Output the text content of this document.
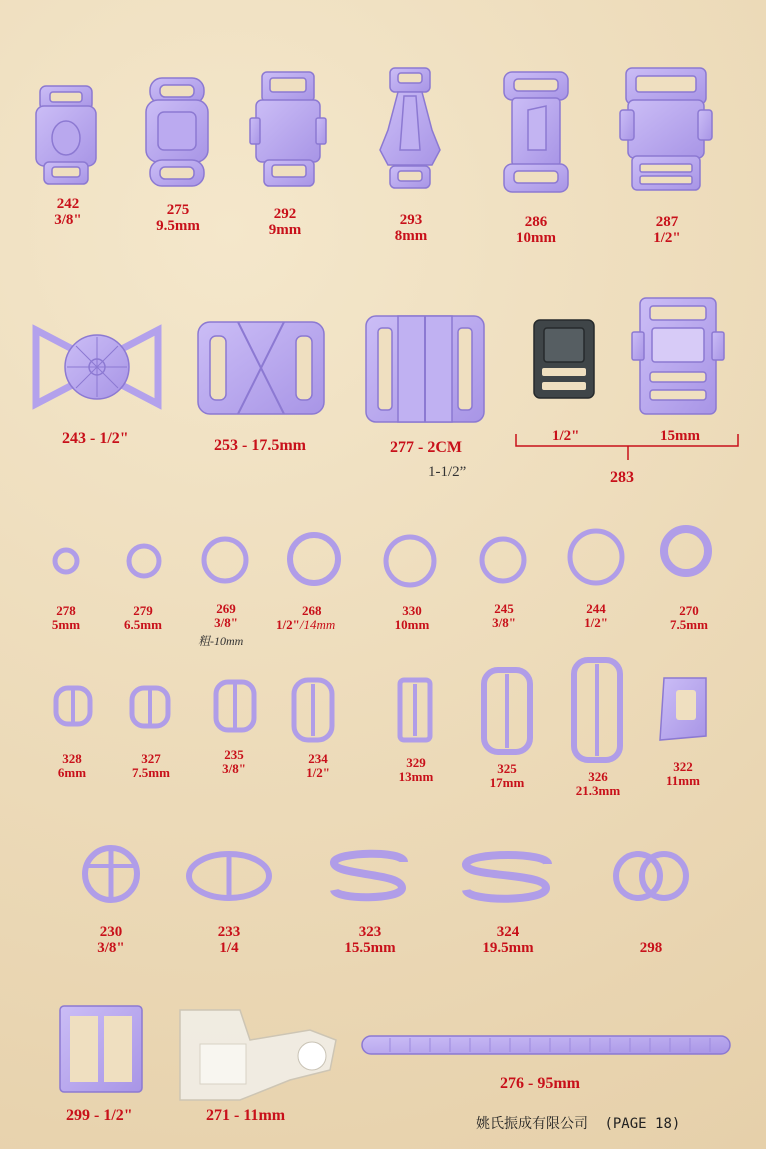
242
3/8"
275
9.5mm
292
9mm
293
8mm
286
10mm
287
1/2"
243 - 1/2"	253 - 17.5mm	277 - 2CM
1-1/2”
1/2"	15mm
283
278
5mm
279
6.5mm
269
3/8"
粗-10mm
268
1/2"/14mm
330
10mm
245
3/8"
244
1/2"
270
7.5mm
328
6mm
327
7.5mm
235
3/8"
234
1/2"
329
13mm
325
17mm	326
21.3mm
322
11mm
230
3/8"
233
1/4
323
15.5mm
324
19.5mm	298
299 - 1/2"	271 - 11mm
276 - 95mm
姚氏振成有限公司 (PAGE 18)
